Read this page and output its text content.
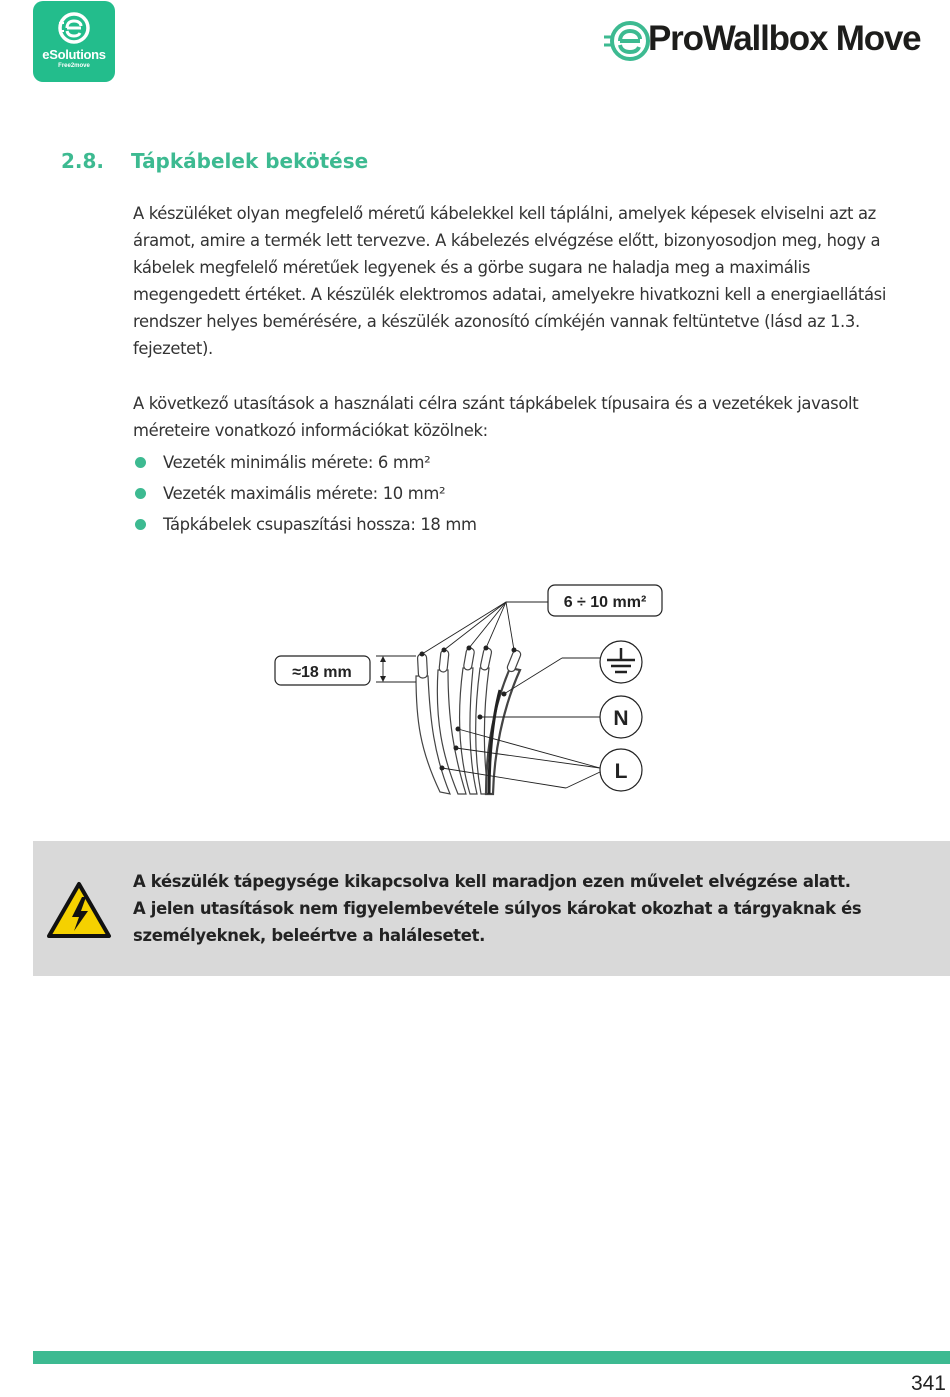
eSolutions
Free2move
ProWallbox Move
2.8. Tápkábelek bekötése
A készüléket olyan megfelelő méretű kábelekkel kell táplálni, amelyek képesek elviselni azt az
áramot, amire a termék lett tervezve. A kábelezés elvégzése előtt, bizonyosodjon meg, hogy a
kábelek megfelelő méretűek legyenek és a görbe sugara ne haladja meg a maximális
megengedett értéket. A készülék elektromos adatai, amelyekre hivatkozni kell a energiaellátási
rendszer helyes bemérésére, a készülék azonosító címkéjén vannak feltüntetve (lásd az 1.3.
fejezetet).
A következő utasítások a használati célra szánt tápkábelek típusaira és a vezetékek javasolt
méreteire vonatkozó információkat közölnek:
Vezeték minimális mérete: 6 mm²
Vezeték maximális mérete: 10 mm²
Tápkábelek csupaszítási hossza: 18 mm
≈18 mm
6 ÷ 10 mm²
N
L
A készülék tápegysége kikapcsolva kell maradjon ezen művelet elvégzése alatt.
A jelen utasítások nem figyelembevétele súlyos károkat okozhat a tárgyaknak és
személyeknek, beleértve a halálesetet.
341
